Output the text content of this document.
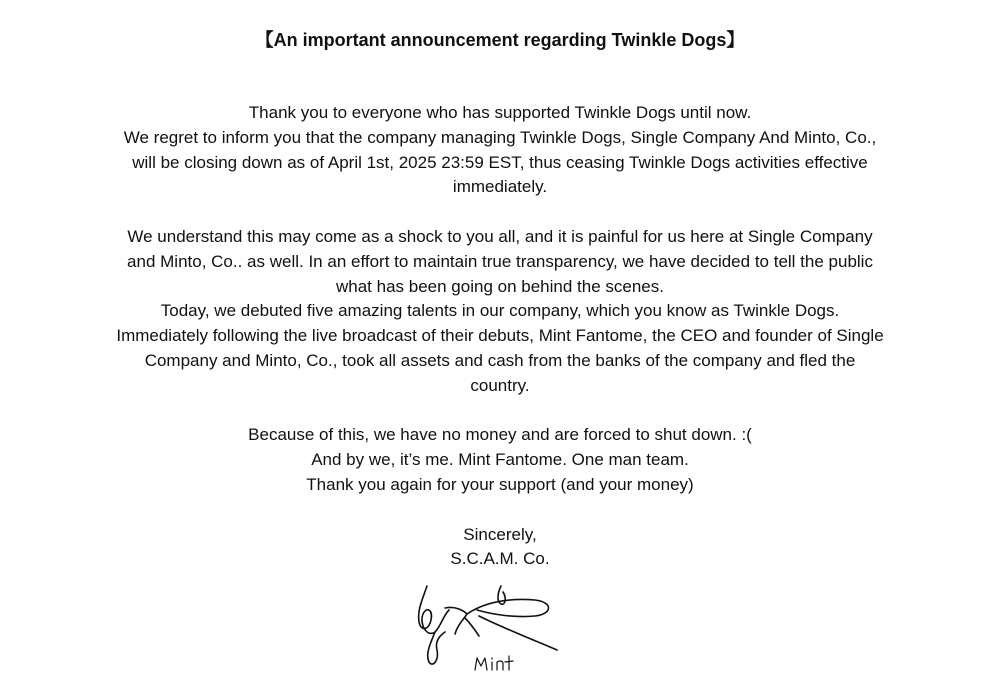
【An important announcement regarding Twinkle Dogs】
Thank you to everyone who has supported Twinkle Dogs until now.
We regret to inform you that the company managing Twinkle Dogs, Single Company And Minto, Co.,
will be closing down as of April 1st, 2025 23:59 EST, thus ceasing Twinkle Dogs activities effective
immediately.
We understand this may come as a shock to you all, and it is painful for us here at Single Company
and Minto, Co.. as well. In an effort to maintain true transparency, we have decided to tell the public
what has been going on behind the scenes.
Today, we debuted five amazing talents in our company, which you know as Twinkle Dogs.
Immediately following the live broadcast of their debuts, Mint Fantome, the CEO and founder of Single
Company and Minto, Co., took all assets and cash from the banks of the company and fled the
country.
Because of this, we have no money and are forced to shut down. :(
And by we, it’s me. Mint Fantome. One man team.
Thank you again for your support (and your money)
Sincerely,
S.C.A.M. Co.
